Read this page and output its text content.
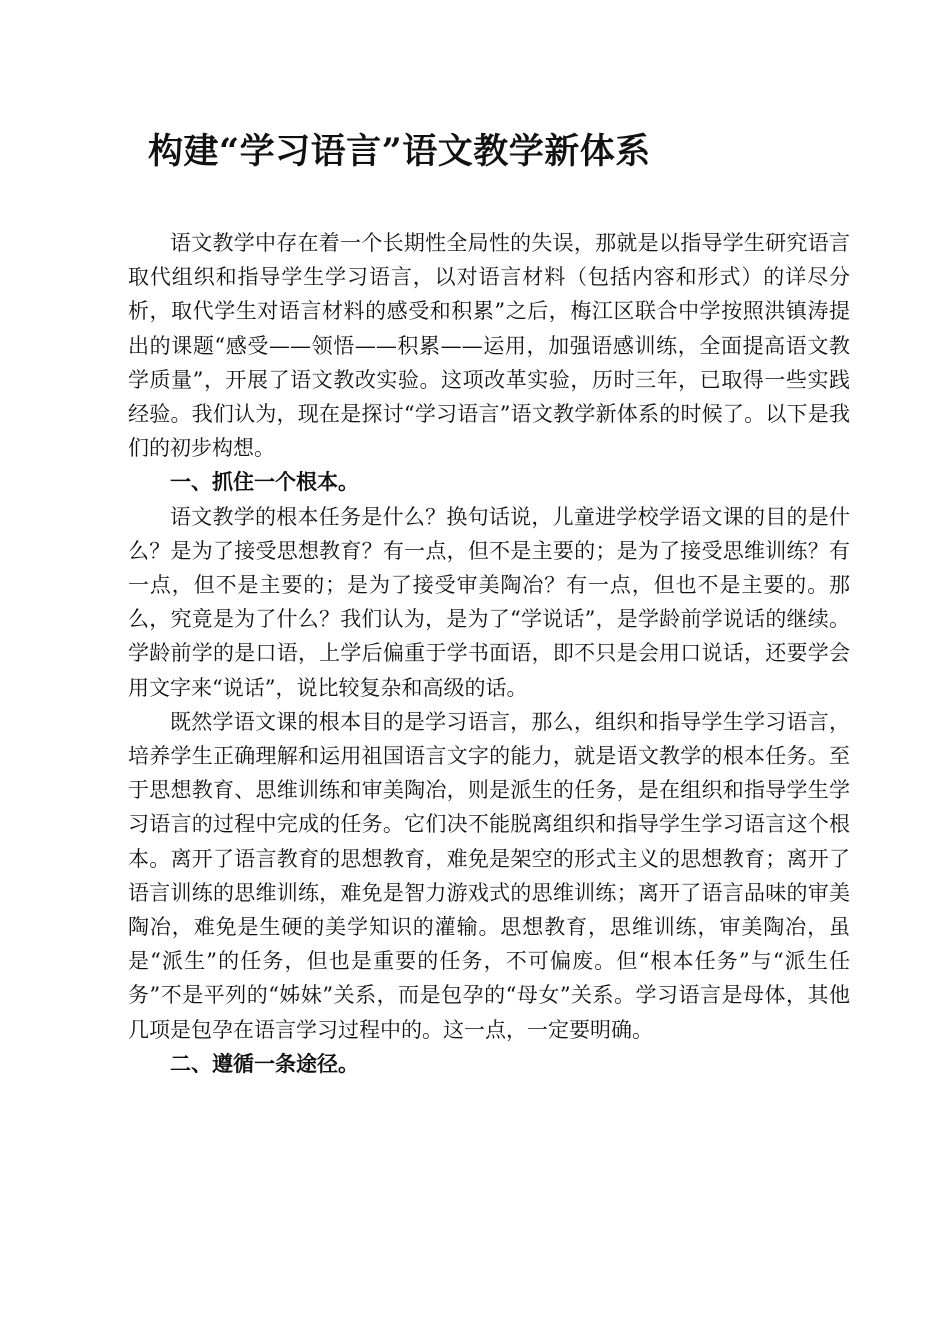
构建“学习语言”语文教学新体系

语文教学中存在着一个长期性全局性的失误，那就是以指导学生研究语言取代组织和指导学生学习语言，以对语言材料（包括内容和形式）的详尽分析，取代学生对语言材料的感受和积累”之后，梅江区联合中学按照洪镇涛提出的课题“感受——领悟——积累——运用，加强语感训练，全面提高语文教学质量”，开展了语文教改实验。这项改革实验，历时三年，已取得一些实践经验。我们认为，现在是探讨“学习语言”语文教学新体系的时候了。以下是我们的初步构想。

一、抓住一个根本。

语文教学的根本任务是什么？换句话说，儿童进学校学语文课的目的是什么？是为了接受思想教育？有一点，但不是主要的；是为了接受思维训练？有一点，但不是主要的；是为了接受审美陶冶？有一点，但也不是主要的。那么，究竟是为了什么？我们认为，是为了“学说话”，是学龄前学说话的继续。学龄前学的是口语，上学后偏重于学书面语，即不只是会用口说话，还要学会用文字来“说话”，说比较复杂和高级的话。

既然学语文课的根本目的是学习语言，那么，组织和指导学生学习语言，培养学生正确理解和运用祖国语言文字的能力，就是语文教学的根本任务。至于思想教育、思维训练和审美陶冶，则是派生的任务，是在组织和指导学生学习语言的过程中完成的任务。它们决不能脱离组织和指导学生学习语言这个根本。离开了语言教育的思想教育，难免是架空的形式主义的思想教育；离开了语言训练的思维训练，难免是智力游戏式的思维训练；离开了语言品味的审美陶冶，难免是生硬的美学知识的灌输。思想教育，思维训练，审美陶冶，虽是“派生”的任务，但也是重要的任务，不可偏废。但“根本任务”与“派生任务”不是平列的“姊妹”关系，而是包孕的“母女”关系。学习语言是母体，其他几项是包孕在语言学习过程中的。这一点，一定要明确。

二、遵循一条途径。
